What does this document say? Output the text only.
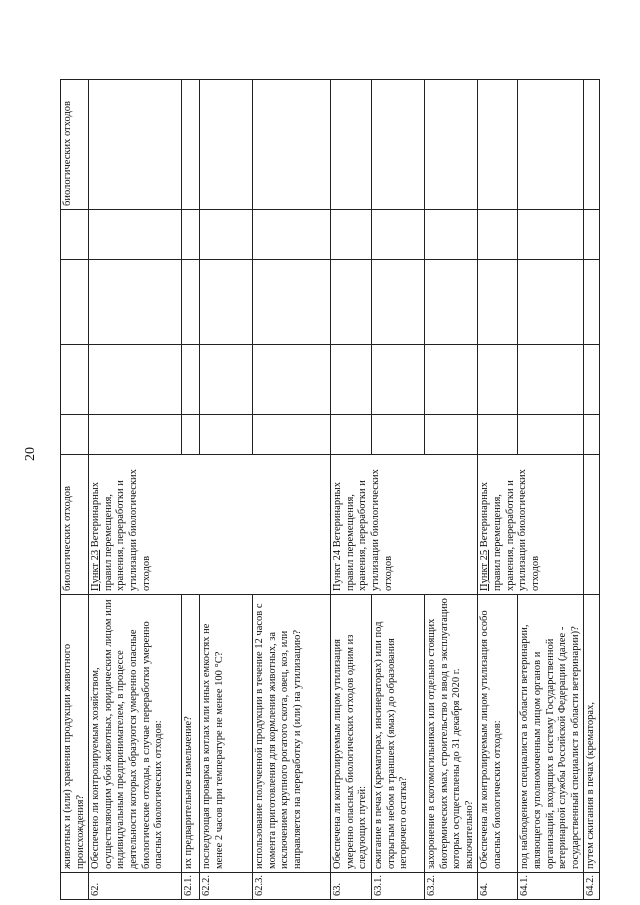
20
	животных и (или) хранения продукции животного происхождения?	биологических отходов					биологических отходов
62.	Обеспечено ли контролируемым хозяйством, осуществляющим убой животных, юридическим лицом или индивидуальным предпринимателем, в процессе деятельности которых образуются умеренно опасные биологические отходы, в случае переработки умеренно опасных биологических отходов:	Пункт 23 Ветеринарных правил перемещения, хранения, переработки и утилизации биологических отходов					
62.1.	их предварительное измельчение?						
62.2.	последующая проварка в котлах или иных емкостях не менее 2 часов при температуре не менее 100 °C?						
62.3.	использование полученной продукции в течение 12 часов с момента приготовления для кормления животных, за исключением крупного рогатого скота, овец, коз, или направляется на переработку и (или) на утилизацию?						
63.	Обеспечена ли контролируемым лицом утилизация умеренно опасных биологических отходов одним из следующих путей:	Пункт 24 Ветеринарных правил перемещения, хранения, переработки и утилизации биологических отходов					
63.1.	сжигание в печах (крематорах, инсинераторах) или под открытым небом в траншеях (ямах) до образования негорючего остатка?						
63.2.	захоронение в скотомогильниках или отдельно стоящих биотермических ямах, строительство и ввод в эксплуатацию которых осуществлены до 31 декабря 2020 г. включительно?						
64.	Обеспечена ли контролируемым лицом утилизация особо опасных биологических отходов:	Пункт 25 Ветеринарных правил перемещения, хранения, переработки и утилизации биологических отходов					
64.1.	под наблюдением специалиста в области ветеринарии, являющегося уполномоченным лицом органов и организаций, входящих в систему Государственной ветеринарной службы Российской Федерации (далее - государственный специалист в области ветеринарии)?						
64.2.	путем сжигания в печах (крематорах,						
